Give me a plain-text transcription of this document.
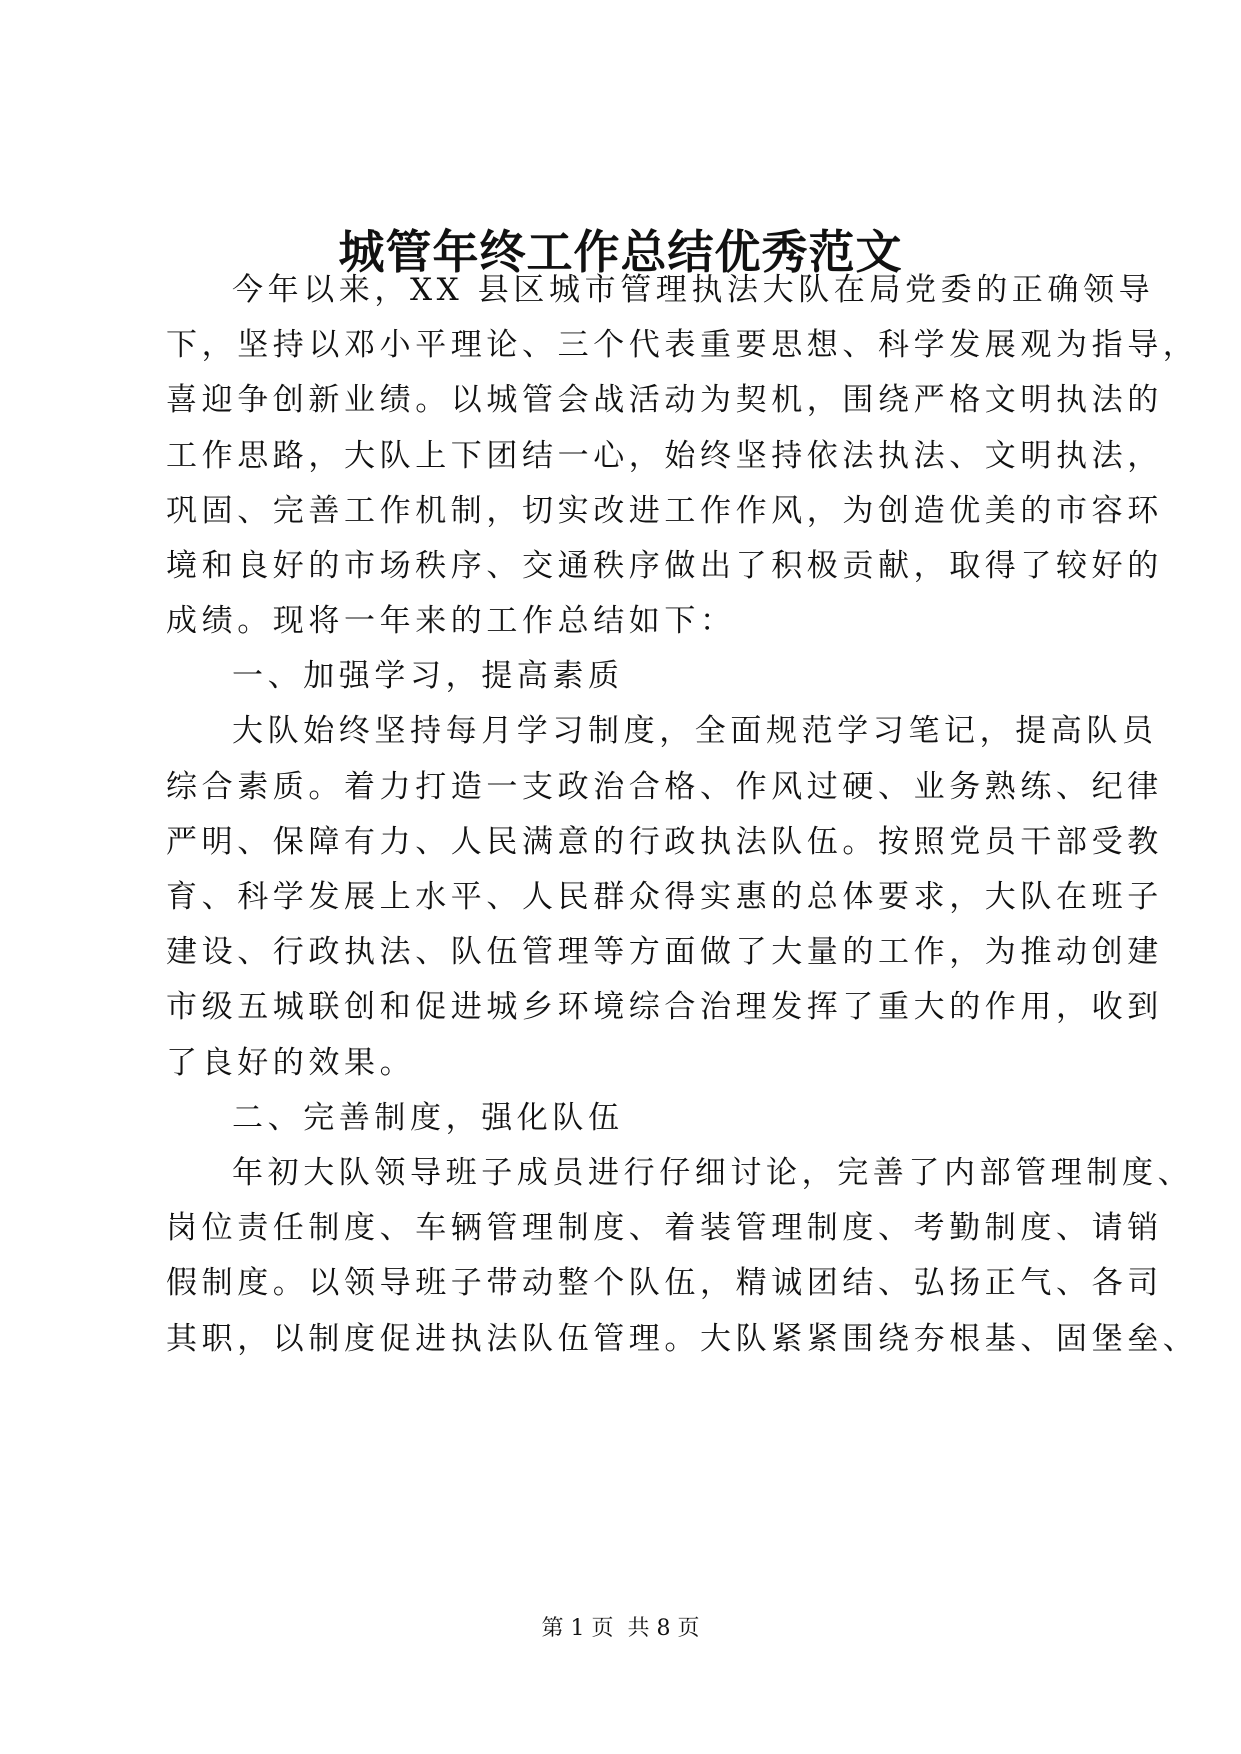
城管年终工作总结优秀范文
今年以来，XX 县区城市管理执法大队在局党委的正确领导
下，坚持以邓小平理论、三个代表重要思想、科学发展观为指导，
喜迎争创新业绩。以城管会战活动为契机，围绕严格文明执法的
工作思路，大队上下团结一心，始终坚持依法执法、文明执法，
巩固、完善工作机制，切实改进工作作风，为创造优美的市容环
境和良好的市场秩序、交通秩序做出了积极贡献，取得了较好的
成绩。现将一年来的工作总结如下：
一、加强学习，提高素质
大队始终坚持每月学习制度，全面规范学习笔记，提高队员
综合素质。着力打造一支政治合格、作风过硬、业务熟练、纪律
严明、保障有力、人民满意的行政执法队伍。按照党员干部受教
育、科学发展上水平、人民群众得实惠的总体要求，大队在班子
建设、行政执法、队伍管理等方面做了大量的工作，为推动创建
市级五城联创和促进城乡环境综合治理发挥了重大的作用，收到
了良好的效果。
二、完善制度，强化队伍
年初大队领导班子成员进行仔细讨论，完善了内部管理制度、
岗位责任制度、车辆管理制度、着装管理制度、考勤制度、请销
假制度。以领导班子带动整个队伍，精诚团结、弘扬正气、各司
其职，以制度促进执法队伍管理。大队紧紧围绕夯根基、固堡垒、
第 1 页  共 8 页
